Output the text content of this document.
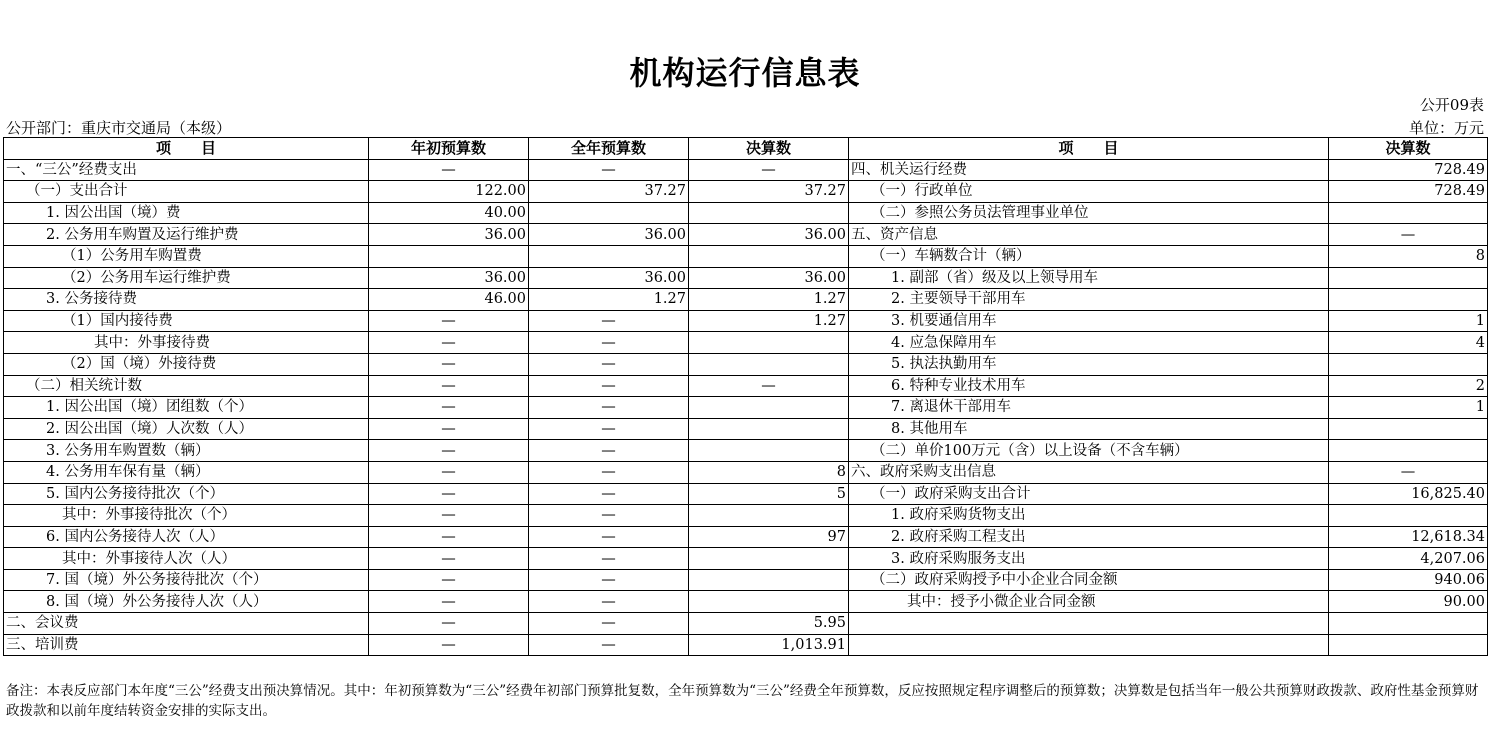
机构运行信息表
公开09表
公开部门：重庆市交通局（本级）	单位：万元
项　　目	年初预算数	全年预算数	决算数	项　　目	决算数
一、“三公”经费支出	—	—	—	四、机关运行经费	728.49
（一）支出合计	122.00	37.27	37.27	（一）行政单位	728.49
1. 因公出国（境）费	40.00			（二）参照公务员法管理事业单位	
2. 公务用车购置及运行维护费	36.00	36.00	36.00	五、资产信息	—
（1）公务用车购置费				（一）车辆数合计（辆）	8
（2）公务用车运行维护费	36.00	36.00	36.00	1. 副部（省）级及以上领导用车	
3. 公务接待费	46.00	1.27	1.27	2. 主要领导干部用车	
（1）国内接待费	—	—	1.27	3. 机要通信用车	1
其中：外事接待费	—	—		4. 应急保障用车	4
（2）国（境）外接待费	—	—		5. 执法执勤用车	
（二）相关统计数	—	—	—	6. 特种专业技术用车	2
1. 因公出国（境）团组数（个）	—	—		7. 离退休干部用车	1
2. 因公出国（境）人次数（人）	—	—		8. 其他用车	
3. 公务用车购置数（辆）	—	—		（二）单价100万元（含）以上设备（不含车辆）	
4. 公务用车保有量（辆）	—	—	8	六、政府采购支出信息	—
5. 国内公务接待批次（个）	—	—	5	（一）政府采购支出合计	16,825.40
其中：外事接待批次（个）	—	—		1. 政府采购货物支出	
6. 国内公务接待人次（人）	—	—	97	2. 政府采购工程支出	12,618.34
其中：外事接待人次（人）	—	—		3. 政府采购服务支出	4,207.06
7. 国（境）外公务接待批次（个）	—	—		（二）政府采购授予中小企业合同金额	940.06
8. 国（境）外公务接待人次（人）	—	—		其中：授予小微企业合同金额	90.00
二、会议费	—	—	5.95		
三、培训费	—	—	1,013.91		
备注：本表反应部门本年度“三公”经费支出预决算情况。其中：年初预算数为“三公”经费年初部门预算批复数，全年预算数为“三公”经费全年预算数，反应按照规定程序调整后的预算数；决算数是包括当年一般公共预算财政拨款、政府性基金预算财政拨款和以前年度结转资金安排的实际支出。
